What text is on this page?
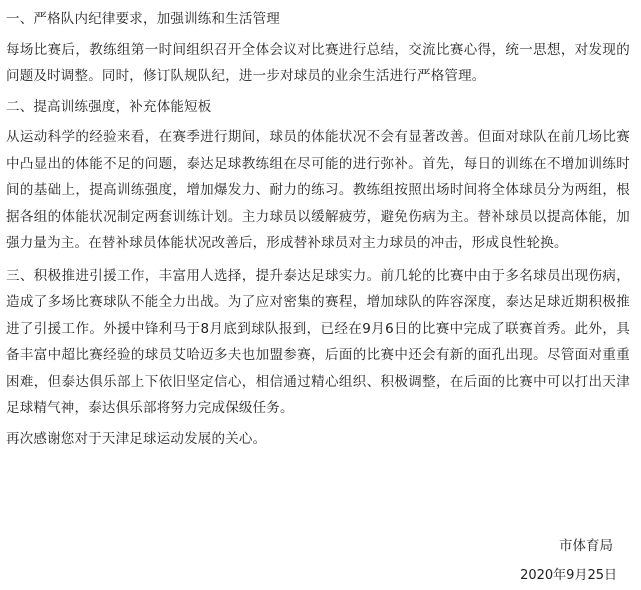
一、严格队内纪律要求，加强训练和生活管理

每场比赛后，教练组第一时间组织召开全体会议对比赛进行总结，交流比赛心得，统一思想，对发现的问题及时调整。同时，修订队规队纪，进一步对球员的业余生活进行严格管理。

二、提高训练强度，补充体能短板

从运动科学的经验来看，在赛季进行期间，球员的体能状况不会有显著改善。但面对球队在前几场比赛中凸显出的体能不足的问题，泰达足球教练组在尽可能的进行弥补。首先，每日的训练在不增加训练时间的基础上，提高训练强度，增加爆发力、耐力的练习。教练组按照出场时间将全体球员分为两组，根据各组的体能状况制定两套训练计划。主力球员以缓解疲劳，避免伤病为主。替补球员以提高体能，加强力量为主。在替补球员体能状况改善后，形成替补球员对主力球员的冲击，形成良性轮换。

三、积极推进引援工作，丰富用人选择，提升泰达足球实力。前几轮的比赛中由于多名球员出现伤病，造成了多场比赛球队不能全力出战。为了应对密集的赛程，增加球队的阵容深度，泰达足球近期积极推进了引援工作。外援中锋利马于8月底到球队报到，已经在9月6日的比赛中完成了联赛首秀。此外，具备丰富中超比赛经验的球员艾哈迈多夫也加盟参赛，后面的比赛中还会有新的面孔出现。尽管面对重重困难，但泰达俱乐部上下依旧坚定信心，相信通过精心组织、积极调整，在后面的比赛中可以打出天津足球精气神，泰达俱乐部将努力完成保级任务。

再次感谢您对于天津足球运动发展的关心。

市体育局
2020年9月25日
